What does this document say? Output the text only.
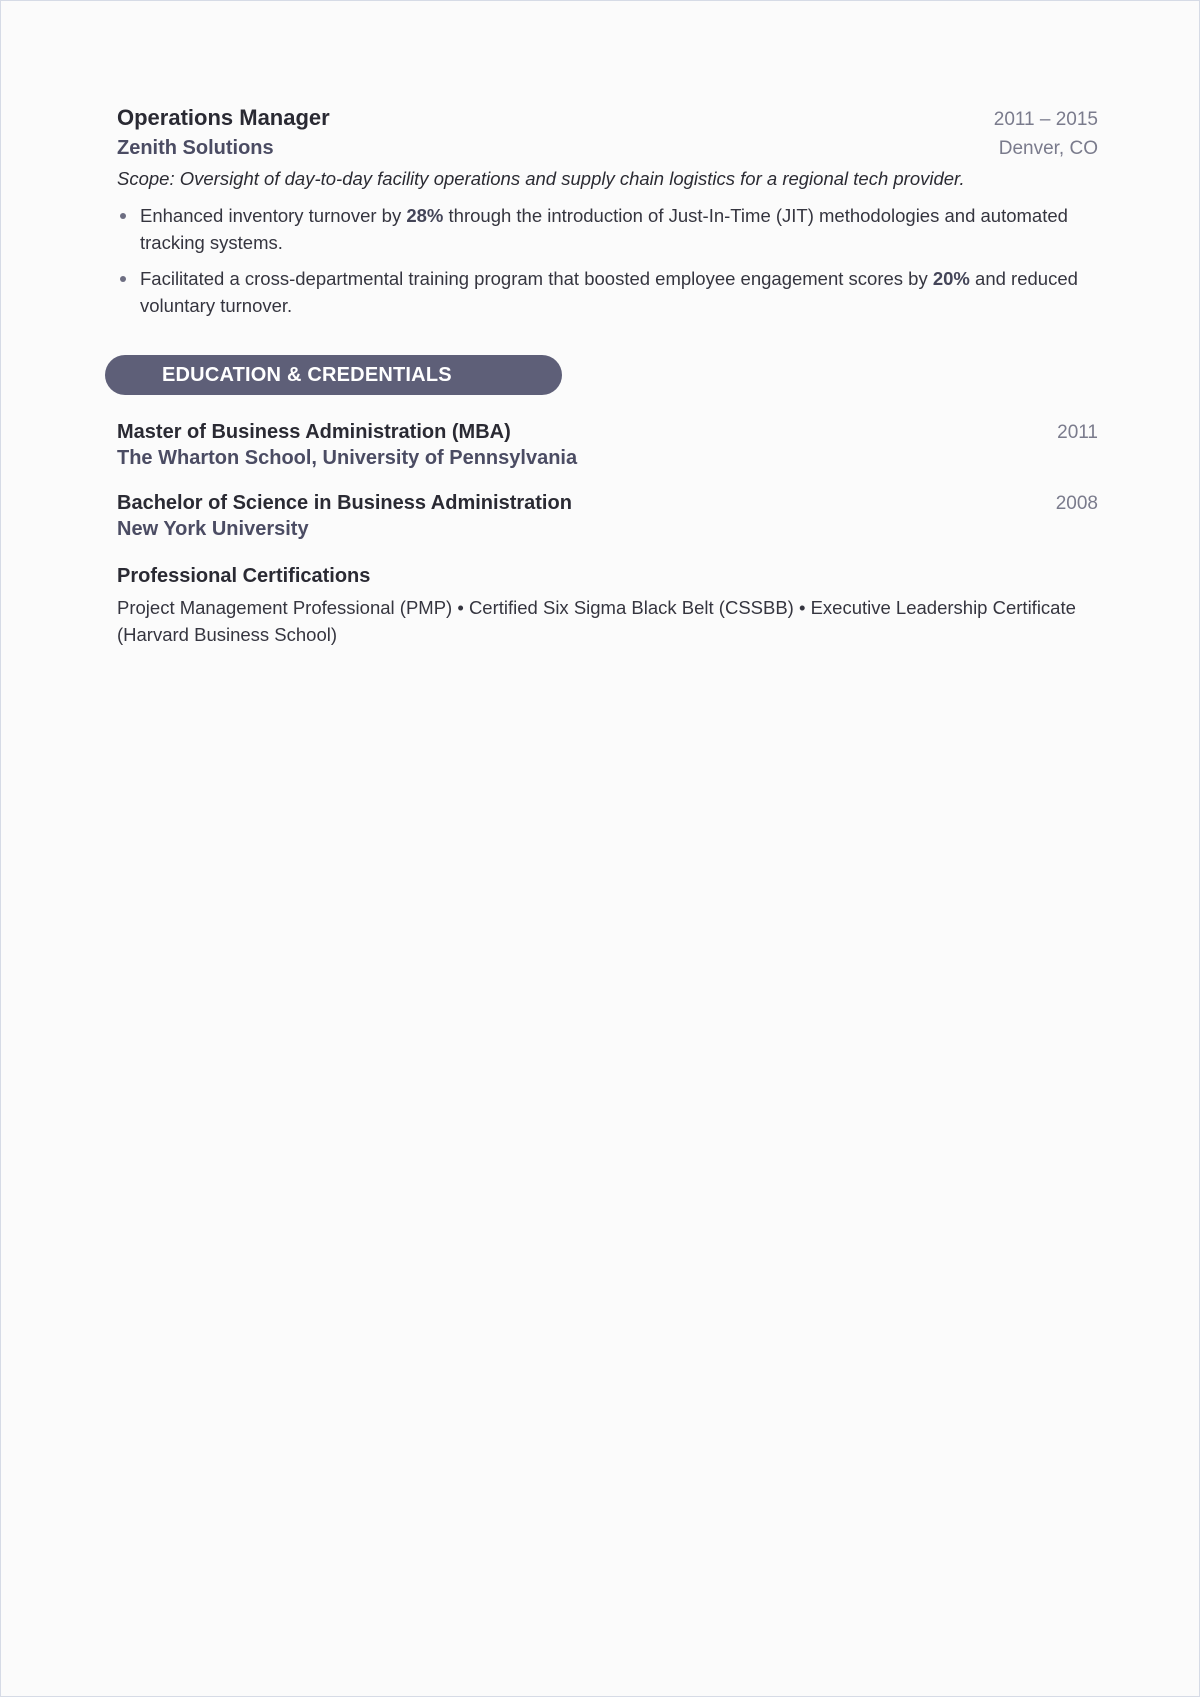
Operations Manager	2011 – 2015
Zenith Solutions	Denver, CO
Scope: Oversight of day-to-day facility operations and supply chain logistics for a regional tech provider.
Enhanced inventory turnover by 28% through the introduction of Just-In-Time (JIT) methodologies and automated tracking systems.
Facilitated a cross-departmental training program that boosted employee engagement scores by 20% and reduced voluntary turnover.
EDUCATION & CREDENTIALS
Master of Business Administration (MBA)	2011
The Wharton School, University of Pennsylvania
Bachelor of Science in Business Administration	2008
New York University
Professional Certifications
Project Management Professional (PMP) • Certified Six Sigma Black Belt (CSSBB) • Executive Leadership Certificate (Harvard Business School)
